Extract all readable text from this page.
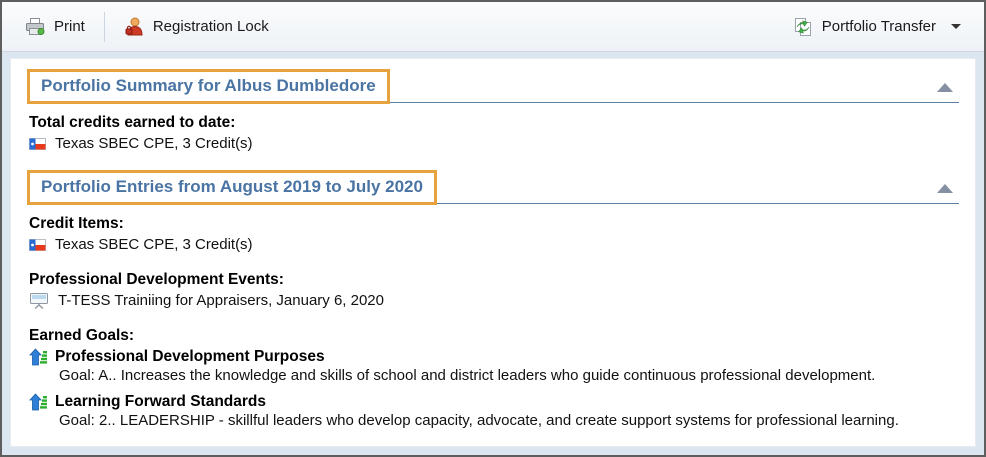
Print	Registration Lock	Portfolio Transfer
Portfolio Summary for Albus Dumbledore
Total credits earned to date:
Texas SBEC CPE, 3 Credit(s)
Portfolio Entries from August 2019 to July 2020
Credit Items:
Texas SBEC CPE, 3 Credit(s)
Professional Development Events:
T-TESS Trainiing for Appraisers, January 6, 2020
Earned Goals:
Professional Development Purposes
Goal: A.. Increases the knowledge and skills of school and district leaders who guide continuous professional development.
Learning Forward Standards
Goal: 2.. LEADERSHIP - skillful leaders who develop capacity, advocate, and create support systems for professional learning.
